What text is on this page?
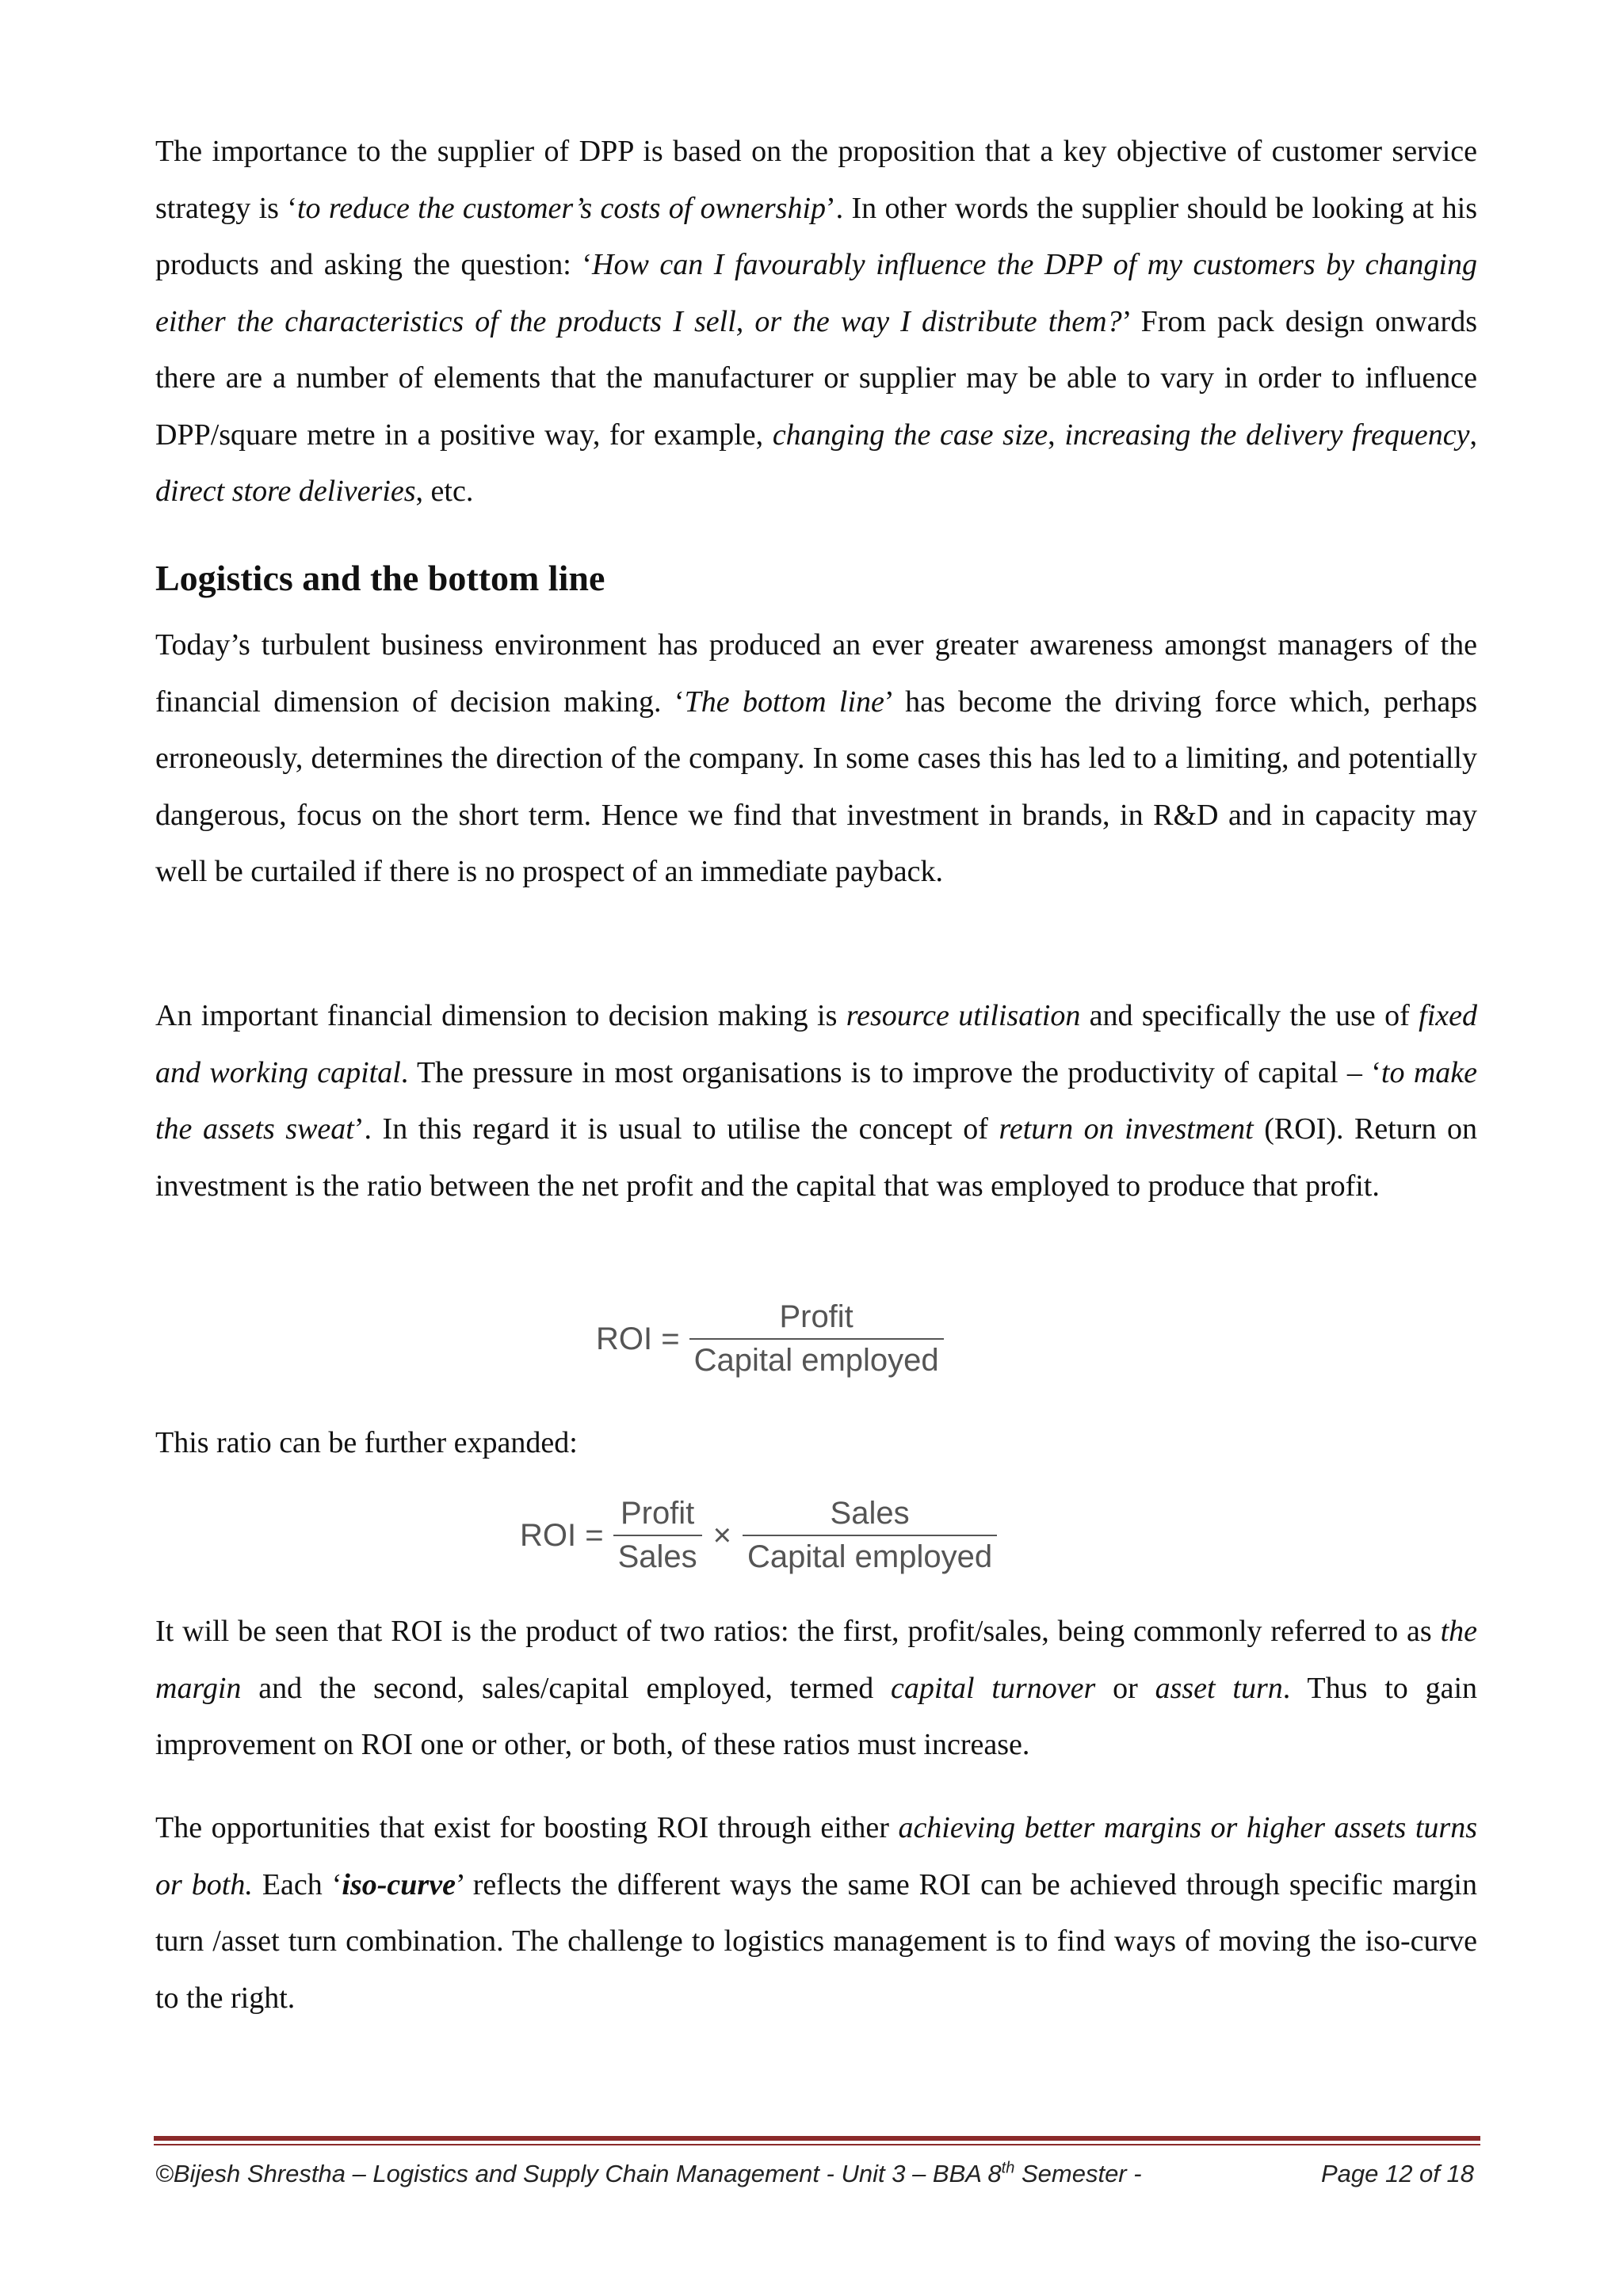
The importance to the supplier of DPP is based on the proposition that a key objective of customer service strategy is ‘to reduce the customer’s costs of ownership’. In other words the supplier should be looking at his products and asking the question: ‘How can I favourably influence the DPP of my customers by changing either the characteristics of the products I sell, or the way I distribute them?’ From pack design onwards there are a number of elements that the manufacturer or supplier may be able to vary in order to influence DPP/square metre in a positive way, for example, changing the case size, increasing the delivery frequency, direct store deliveries, etc.

Logistics and the bottom line

Today’s turbulent business environment has produced an ever greater awareness amongst managers of the financial dimension of decision making. ‘The bottom line’ has become the driving force which, perhaps erroneously, determines the direction of the company. In some cases this has led to a limiting, and potentially dangerous, focus on the short term. Hence we find that investment in brands, in R&D and in capacity may well be curtailed if there is no prospect of an immediate payback.

An important financial dimension to decision making is resource utilisation and specifically the use of fixed and working capital. The pressure in most organisations is to improve the productivity of capital – ‘to make the assets sweat’. In this regard it is usual to utilise the concept of return on investment (ROI). Return on investment is the ratio between the net profit and the capital that was employed to produce that profit.

ROI = $\frac{\text{Profit}}{\text{Capital employed}}$

This ratio can be further expanded:

ROI = $\frac{\text{Profit}}{\text{Sales}} \times \frac{\text{Sales}}{\text{Capital employed}}$

It will be seen that ROI is the product of two ratios: the first, profit/sales, being commonly referred to as the margin and the second, sales/capital employed, termed capital turnover or asset turn. Thus to gain improvement on ROI one or other, or both, of these ratios must increase.

The opportunities that exist for boosting ROI through either achieving better margins or higher assets turns or both. Each ‘iso-curve’ reflects the different ways the same ROI can be achieved through specific margin turn /asset turn combination. The challenge to logistics management is to find ways of moving the iso-curve to the right.

©Bijesh Shrestha – Logistics and Supply Chain Management - Unit 3 – BBA 8th Semester -	Page 12 of 18
